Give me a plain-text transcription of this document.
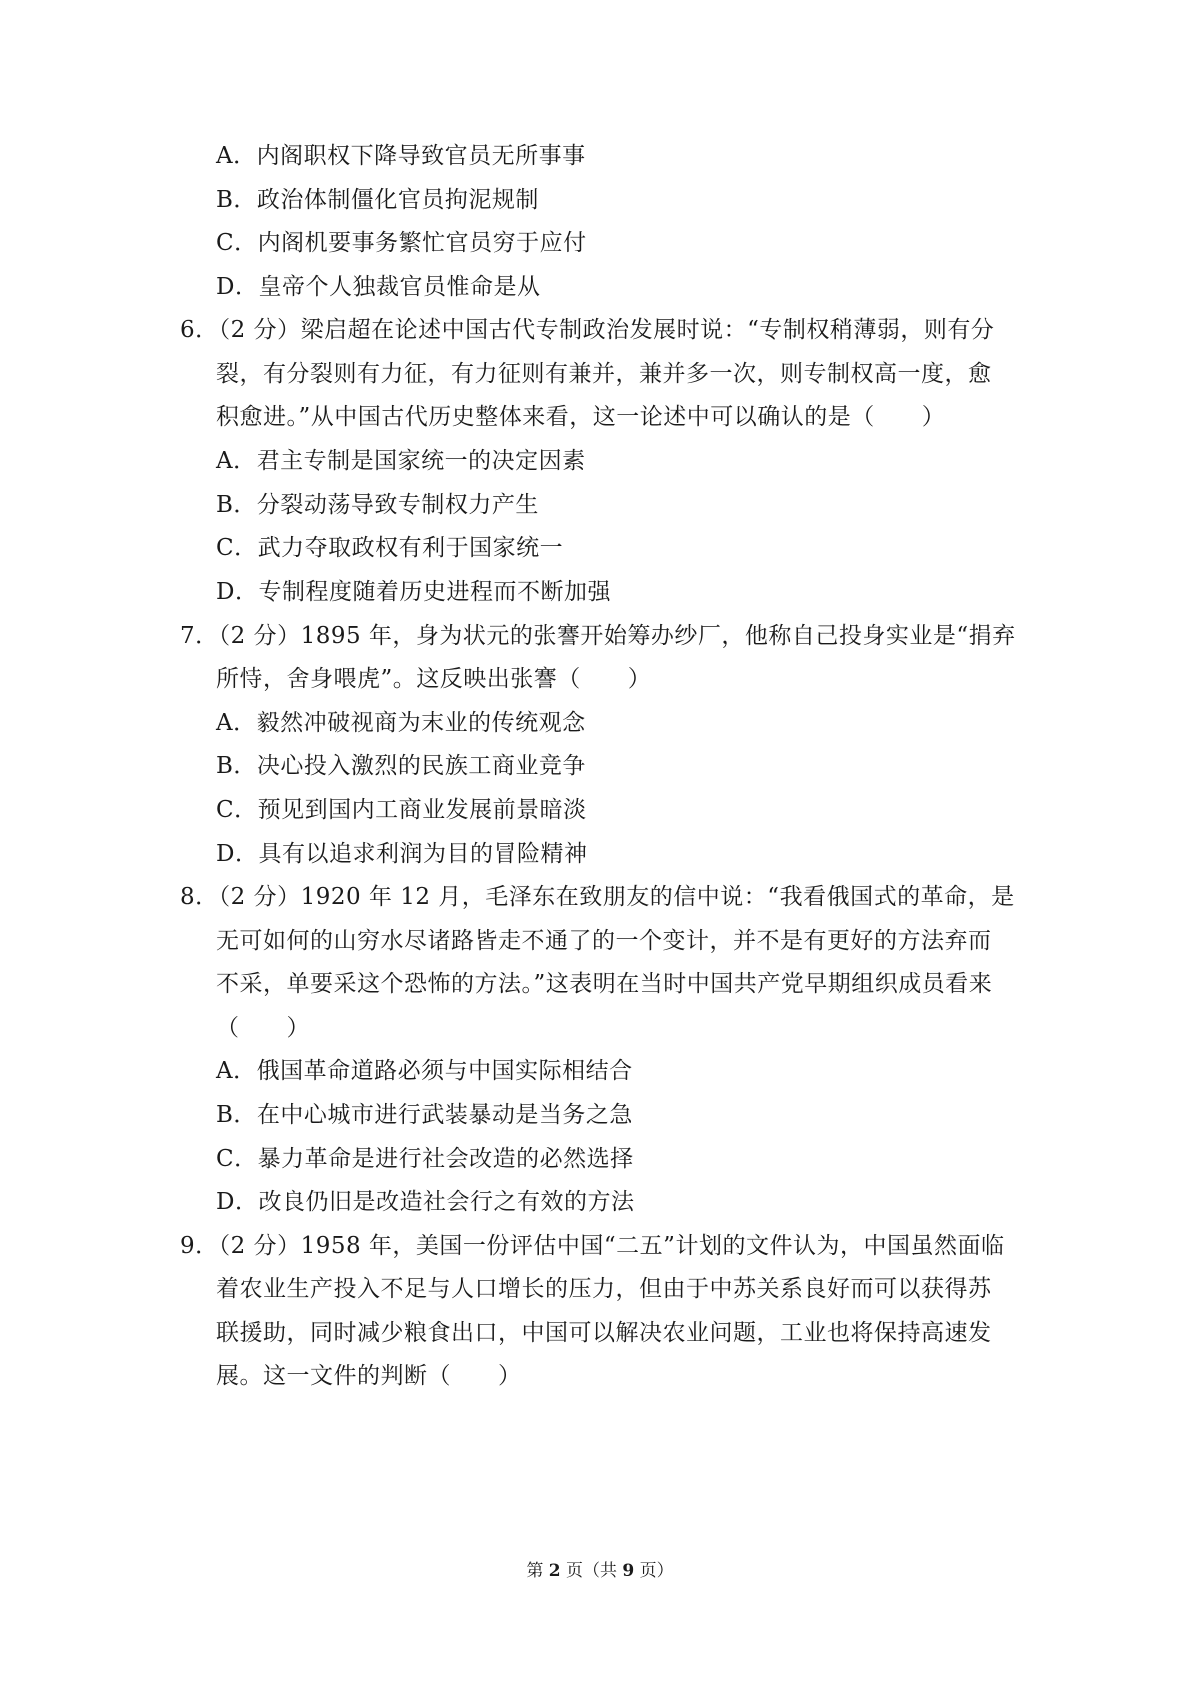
A．内阁职权下降导致官员无所事事
B．政治体制僵化官员拘泥规制
C．内阁机要事务繁忙官员穷于应付
D．皇帝个人独裁官员惟命是从
6．（2 分）梁启超在论述中国古代专制政治发展时说：“专制权稍薄弱，则有分
裂，有分裂则有力征，有力征则有兼并，兼并多一次，则专制权高一度，愈
积愈进。”从中国古代历史整体来看，这一论述中可以确认的是（　　）
A．君主专制是国家统一的决定因素
B．分裂动荡导致专制权力产生
C．武力夺取政权有利于国家统一
D．专制程度随着历史进程而不断加强
7．（2 分）1895 年，身为状元的张謇开始筹办纱厂，他称自己投身实业是“捐弃
所恃，舍身喂虎”。这反映出张謇（　　）
A．毅然冲破视商为末业的传统观念
B．决心投入激烈的民族工商业竞争
C．预见到国内工商业发展前景暗淡
D．具有以追求利润为目的冒险精神
8．（2 分）1920 年 12 月，毛泽东在致朋友的信中说：“我看俄国式的革命，是
无可如何的山穷水尽诸路皆走不通了的一个变计，并不是有更好的方法弃而
不采，单要采这个恐怖的方法。”这表明在当时中国共产党早期组织成员看来
（　　）
A．俄国革命道路必须与中国实际相结合
B．在中心城市进行武装暴动是当务之急
C．暴力革命是进行社会改造的必然选择
D．改良仍旧是改造社会行之有效的方法
9．（2 分）1958 年，美国一份评估中国“二五”计划的文件认为，中国虽然面临
着农业生产投入不足与人口增长的压力，但由于中苏关系良好而可以获得苏
联援助，同时减少粮食出口，中国可以解决农业问题，工业也将保持高速发
展。这一文件的判断（　　）
第 2 页（共 9 页）
